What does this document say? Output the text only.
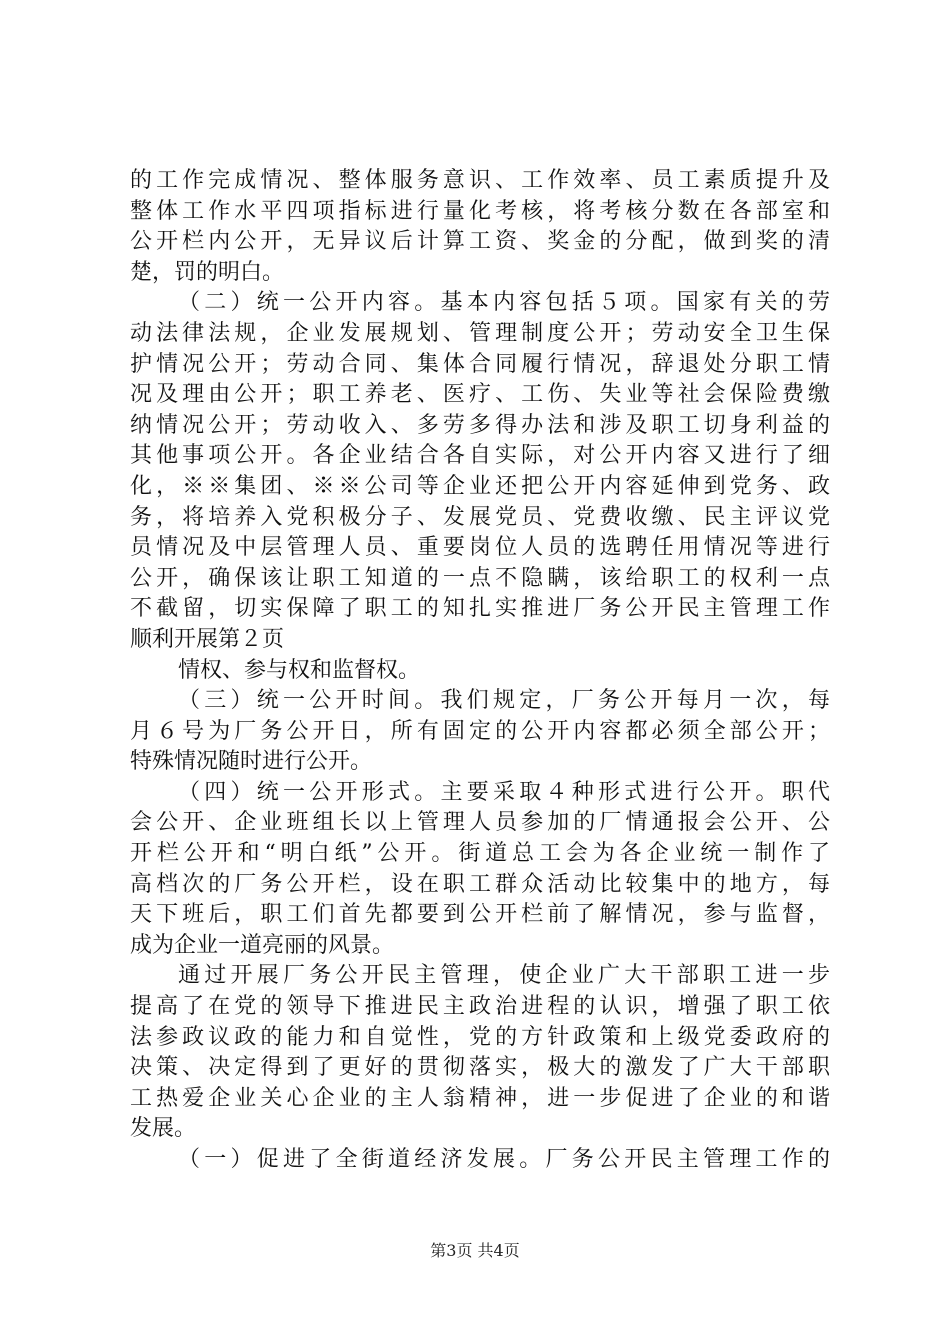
的工作完成情况、整体服务意识、工作效率、员工素质提升及
整体工作水平四项指标进行量化考核，将考核分数在各部室和
公开栏内公开，无异议后计算工资、奖金的分配，做到奖的清
楚，罚的明白。
（二）统一公开内容。基本内容包括５项。国家有关的劳
动法律法规，企业发展规划、管理制度公开；劳动安全卫生保
护情况公开；劳动合同、集体合同履行情况，辞退处分职工情
况及理由公开；职工养老、医疗、工伤、失业等社会保险费缴
纳情况公开；劳动收入、多劳多得办法和涉及职工切身利益的
其他事项公开。各企业结合各自实际，对公开内容又进行了细
化，※※集团、※※公司等企业还把公开内容延伸到党务、政
务，将培养入党积极分子、发展党员、党费收缴、民主评议党
员情况及中层管理人员、重要岗位人员的选聘任用情况等进行
公开，确保该让职工知道的一点不隐瞒，该给职工的权利一点
不截留，切实保障了职工的知扎实推进厂务公开民主管理工作
顺利开展第２页
情权、参与权和监督权。
（三）统一公开时间。我们规定，厂务公开每月一次，每
月６号为厂务公开日，所有固定的公开内容都必须全部公开；
特殊情况随时进行公开。
（四）统一公开形式。主要采取４种形式进行公开。职代
会公开、企业班组长以上管理人员参加的厂情通报会公开、公
开栏公开和“明白纸”公开。街道总工会为各企业统一制作了
高档次的厂务公开栏，设在职工群众活动比较集中的地方，每
天下班后，职工们首先都要到公开栏前了解情况，参与监督，
成为企业一道亮丽的风景。
通过开展厂务公开民主管理，使企业广大干部职工进一步
提高了在党的领导下推进民主政治进程的认识，增强了职工依
法参政议政的能力和自觉性，党的方针政策和上级党委政府的
决策、决定得到了更好的贯彻落实，极大的激发了广大干部职
工热爱企业关心企业的主人翁精神，进一步促进了企业的和谐
发展。
（一）促进了全街道经济发展。厂务公开民主管理工作的
第3页 共4页
